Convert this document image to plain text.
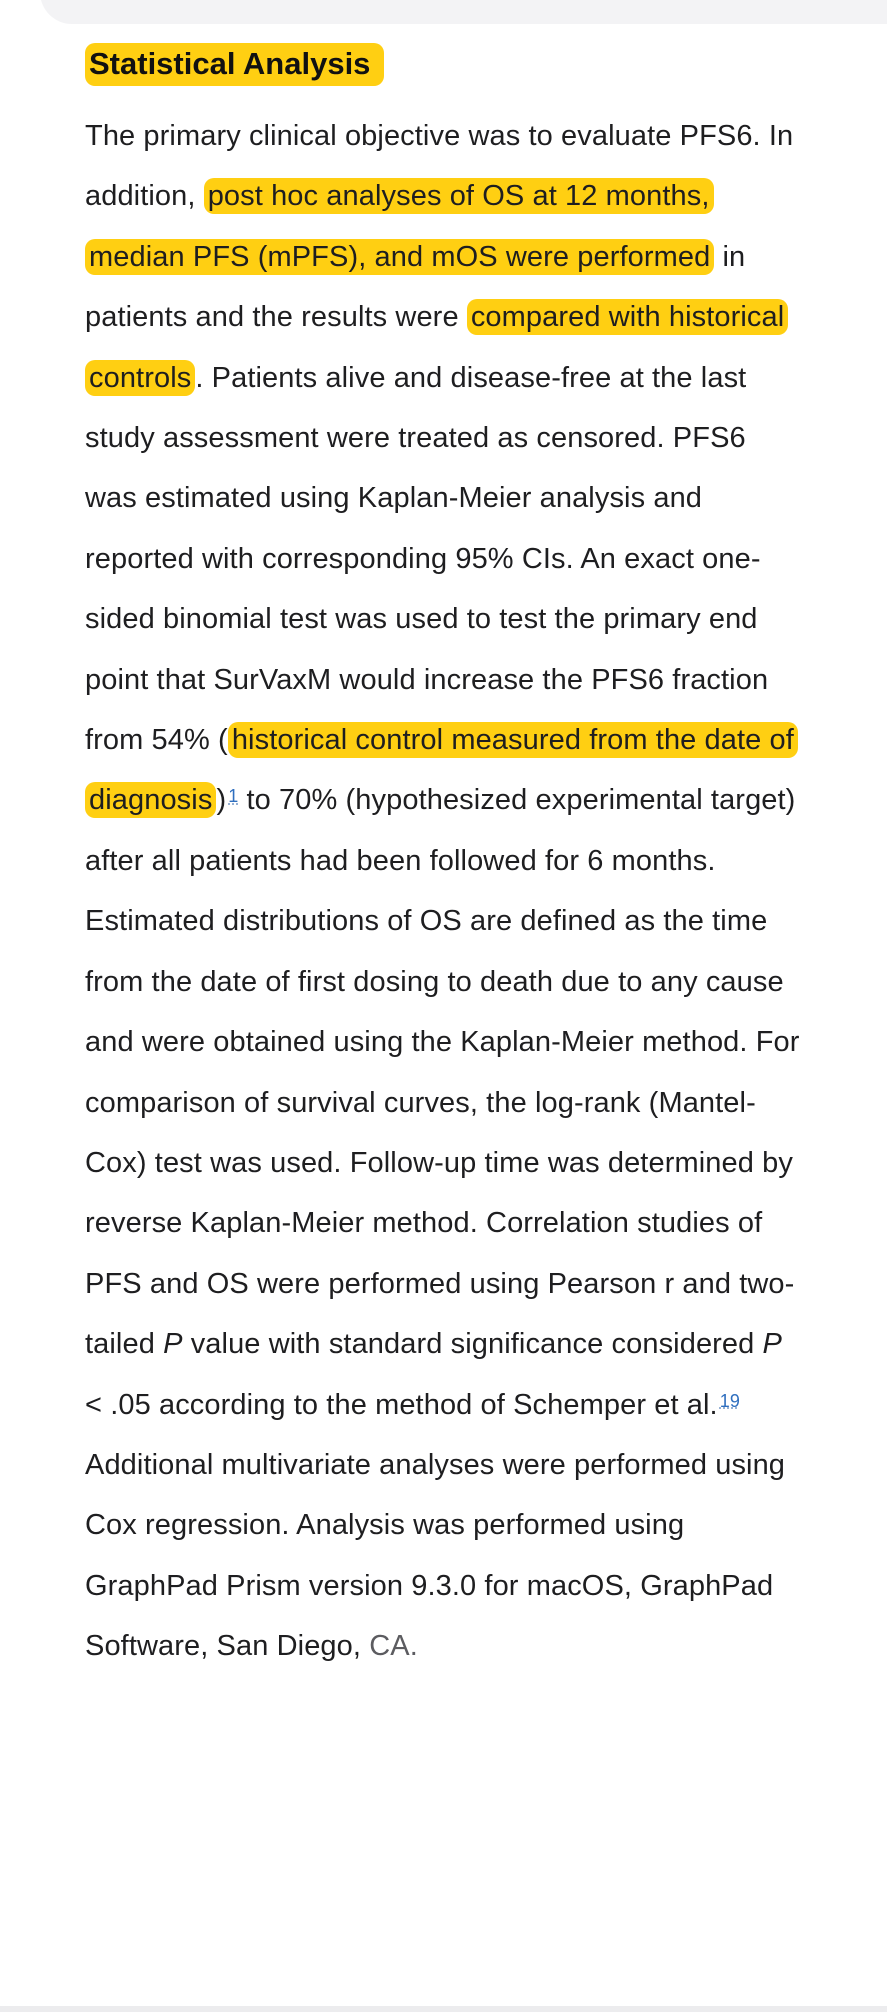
Statistical Analysis

The primary clinical objective was to evaluate PFS6. In addition, post hoc analyses of OS at 12 months, median PFS (mPFS), and mOS were performed in patients and the results were compared with historical controls . Patients alive and disease-free at the last study assessment were treated as censored. PFS6 was estimated using Kaplan-Meier analysis and reported with corresponding 95% CIs. An exact one-sided binomial test was used to test the primary end point that SurVaxM would increase the PFS6 fraction from 54% ( historical control measured from the date of diagnosis ) $^1$ to 70% (hypothesized experimental target) after all patients had been followed for 6 months. Estimated distributions of OS are defined as the time from the date of first dosing to death due to any cause and were obtained using the Kaplan-Meier method. For comparison of survival curves, the log-rank (Mantel-Cox) test was used. Follow-up time was determined by reverse Kaplan-Meier method. Correlation studies of PFS and OS were performed using Pearson r and two-tailed P value with standard significance considered P < .05 according to the method of Schemper et al. $^{19}$ Additional multivariate analyses were performed using Cox regression. Analysis was performed using GraphPad Prism version 9.3.0 for macOS, GraphPad Software, San Diego, CA.
